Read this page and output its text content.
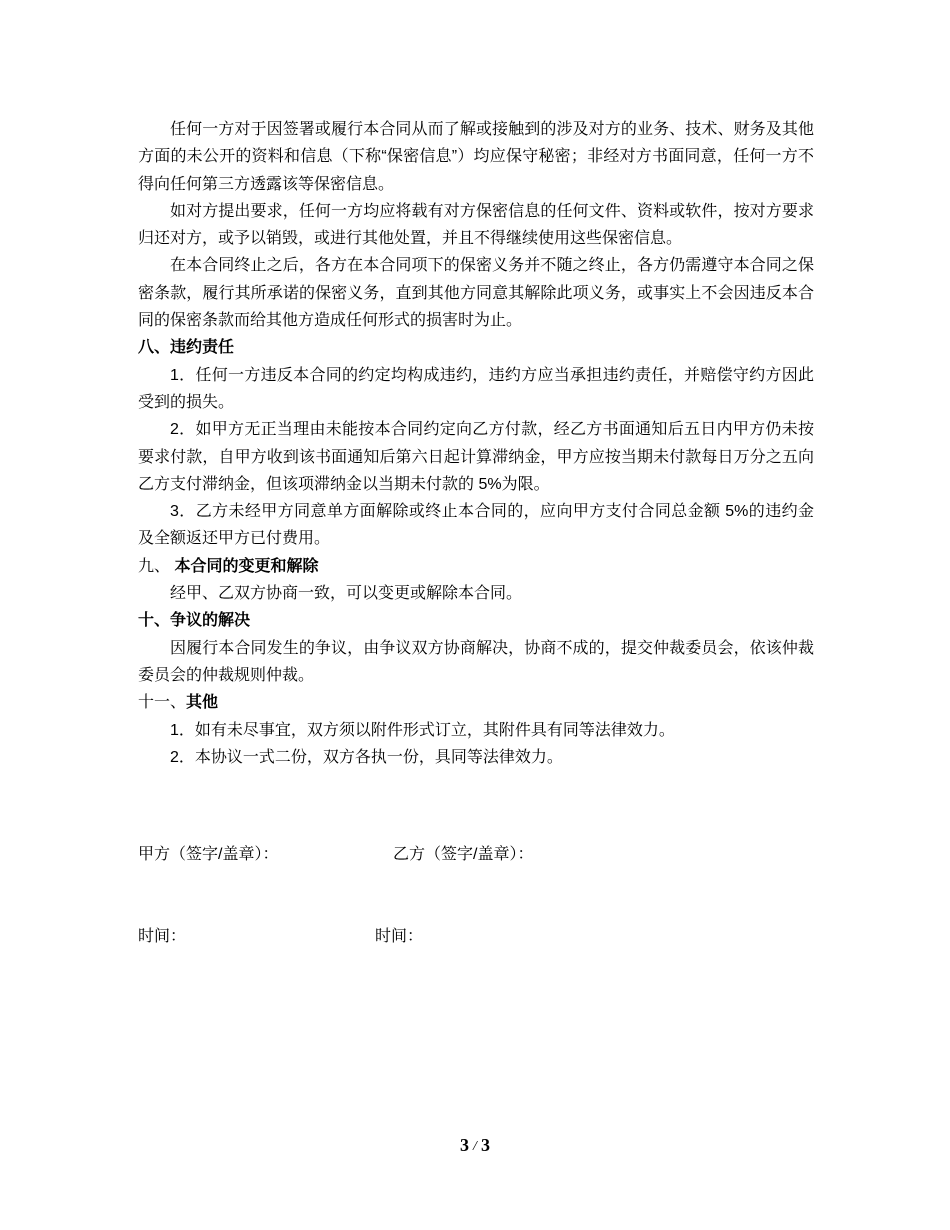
任何一方对于因签署或履行本合同从而了解或接触到的涉及对方的业务、技术、财务及其他方面的未公开的资料和信息（下称“保密信息”）均应保守秘密；非经对方书面同意，任何一方不得向任何第三方透露该等保密信息。

如对方提出要求，任何一方均应将载有对方保密信息的任何文件、资料或软件，按对方要求归还对方，或予以销毁，或进行其他处置，并且不得继续使用这些保密信息。

在本合同终止之后，各方在本合同项下的保密义务并不随之终止，各方仍需遵守本合同之保密条款，履行其所承诺的保密义务，直到其他方同意其解除此项义务，或事实上不会因违反本合同的保密条款而给其他方造成任何形式的损害时为止。

八、违约责任

1．任何一方违反本合同的约定均构成违约，违约方应当承担违约责任，并赔偿守约方因此受到的损失。

2．如甲方无正当理由未能按本合同约定向乙方付款，经乙方书面通知后五日内甲方仍未按要求付款，自甲方收到该书面通知后第六日起计算滞纳金，甲方应按当期未付款每日万分之五向乙方支付滞纳金，但该项滞纳金以当期未付款的 5%为限。

3．乙方未经甲方同意单方面解除或终止本合同的，应向甲方支付合同总金额 5%的违约金及全额返还甲方已付费用。

九、 本合同的变更和解除

经甲、乙双方协商一致，可以变更或解除本合同。

十、争议的解决

因履行本合同发生的争议，由争议双方协商解决，协商不成的，提交仲裁委员会，依该仲裁委员会的仲裁规则仲裁。

十一、其他

1．如有未尽事宜，双方须以附件形式订立，其附件具有同等法律效力。

2．本协议一式二份，双方各执一份，具同等法律效力。

甲方（签字/盖章）：	乙方（签字/盖章）：
时间：	时间：
3 / 3
